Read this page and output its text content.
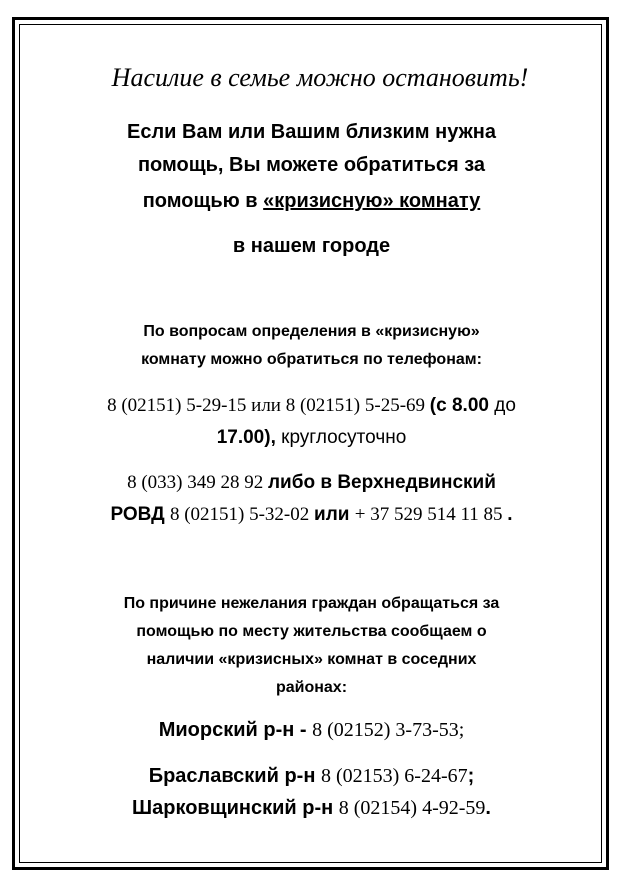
Насилие в семье можно остановить!
Если Вам или Вашим близким нужна
помощь, Вы можете обратиться за
помощью в «кризисную» комнату
в нашем городе
По вопросам определения в «кризисную»
комнату можно обратиться по телефонам:
8 (02151) 5-29-15 или 8 (02151) 5-25-69 (с 8.00 до
17.00), круглосуточно
8 (033) 349 28 92 либо в Верхнедвинский
РОВД 8 (02151) 5-32-02 или + 37 529 514 11 85 .
По причине нежелания граждан обращаться за
помощью по месту жительства сообщаем о
наличии «кризисных» комнат в соседних
районах:
Миорский р-н - 8 (02152) 3-73-53;
Браславский р-н 8 (02153) 6-24-67;
Шарковщинский р-н 8 (02154) 4-92-59.
